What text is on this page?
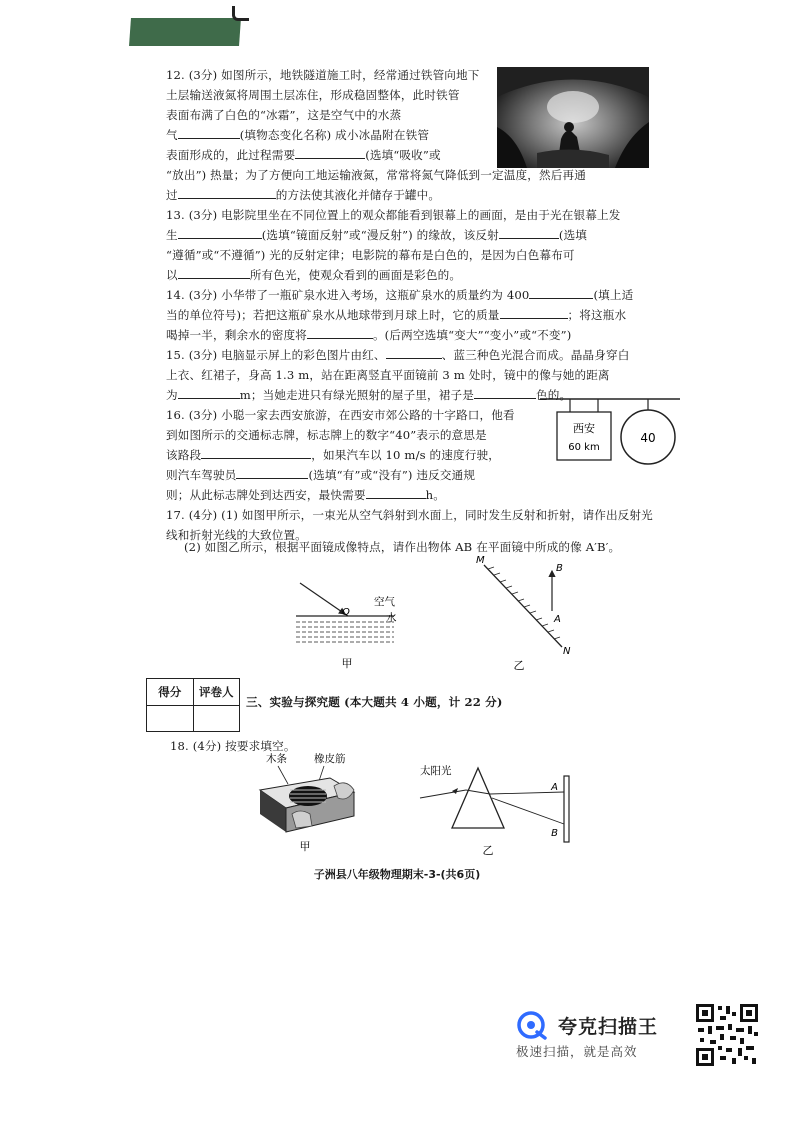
12. (3分) 如图所示，地铁隧道施工时，经常通过铁管向地下
土层输送液氮将周围土层冻住，形成稳固整体，此时铁管
表面布满了白色的“冰霜”，这是空气中的水蒸
气	(填物态变化名称) 成小冰晶附在铁管
表面形成的，此过程需要	(选填“吸收”或
“放出”) 热量；为了方便向工地运输液氮，常常将氮气降低到一定温度，然后再通
过	的方法使其液化并储存于罐中。
13. (3分) 电影院里坐在不同位置上的观众都能看到银幕上的画面，是由于光在银幕上发
生	(选填“镜面反射”或“漫反射”) 的缘故，该反射	(选填
“遵循”或“不遵循”) 光的反射定律；电影院的幕布是白色的，是因为白色幕布可
以	所有色光，使观众看到的画面是彩色的。
14. (3分) 小华带了一瓶矿泉水进入考场，这瓶矿泉水的质量约为 400	(填上适
当的单位符号)；若把这瓶矿泉水从地球带到月球上时，它的质量	；将这瓶水
喝掉一半，剩余水的密度将	。(后两空选填“变大”“变小”或“不变”)
15. (3分) 电脑显示屏上的彩色图片由红、	、蓝三种色光混合而成。晶晶身穿白
上衣、红裙子，身高 1.3 m，站在距离竖直平面镜前 3 m 处时，镜中的像与她的距离
为	m；当她走进只有绿光照射的屋子里，裙子是	色的。
16. (3分) 小聪一家去西安旅游，在西安市郊公路的十字路口，他看
到如图所示的交通标志牌，标志牌上的数字“40”表示的意思是
该路段	，如果汽车以 10 m/s 的速度行驶，
则汽车驾驶员	(选填“有”或“没有”) 违反交通规
则；从此标志牌处到达西安，最快需要	h。
西安
60 km
40
17. (4分) (1) 如图甲所示，一束光从空气斜射到水面上，同时发生反射和折射，请作出反射光
线和折射光线的大致位置。
(2) 如图乙所示，根据平面镜成像特点，请作出物体 AB 在平面镜中所成的像 A′B′。
O
空气
水
甲
M
N
B
A
乙
得分	评卷人
三、实验与探究题 (本大题共 4 小题，计 22 分)
18. (4分) 按要求填空。
木条	橡皮筋
甲
太阳光
A
B
乙
子洲县八年级物理期末-3-(共6页)
夸克扫描王
极速扫描，就是高效
